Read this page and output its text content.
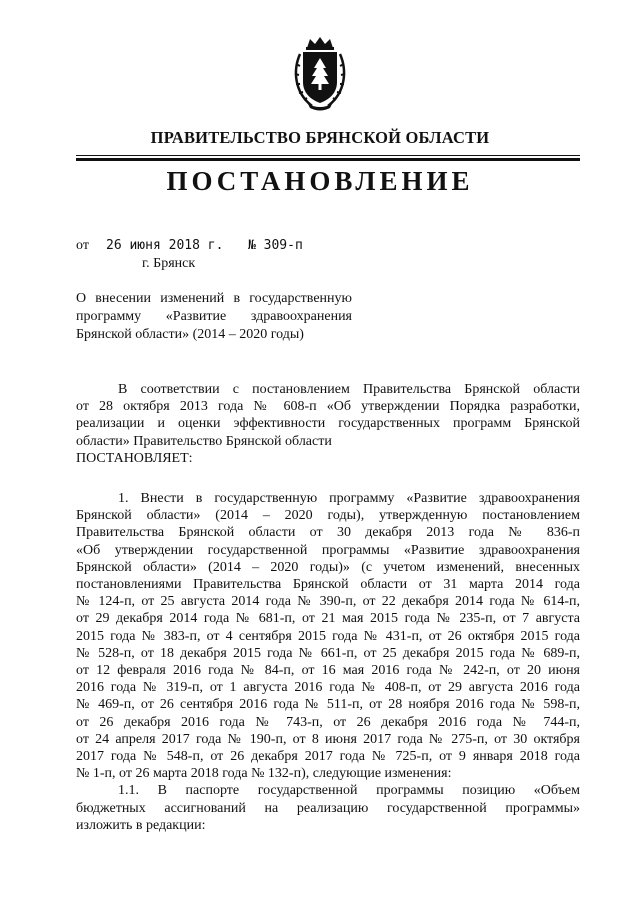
ПРАВИТЕЛЬСТВО БРЯНСКОЙ ОБЛАСТИ
ПОСТАНОВЛЕНИЕ
от 26 июня 2018 г. № 309-п
г. Брянск
О внесении изменений в государственную
программу «Развитие здравоохранения
Брянской области» (2014 – 2020 годы)
В соответствии с постановлением Правительства Брянской области
от 28 октября 2013 года № 608-п «Об утверждении Порядка разработки,
реализации и оценки эффективности государственных программ Брянской
области» Правительство Брянской области
ПОСТАНОВЛЯЕТ:
1. Внести в государственную программу «Развитие здравоохранения
Брянской области» (2014 – 2020 годы), утвержденную постановлением
Правительства Брянской области от 30 декабря 2013 года № 836-п
«Об утверждении государственной программы «Развитие здравоохранения
Брянской области» (2014 – 2020 годы)» (с учетом изменений, внесенных
постановлениями Правительства Брянской области от 31 марта 2014 года
№ 124-п, от 25 августа 2014 года № 390-п, от 22 декабря 2014 года № 614-п,
от 29 декабря 2014 года № 681-п, от 21 мая 2015 года № 235-п, от 7 августа
2015 года № 383-п, от 4 сентября 2015 года № 431-п, от 26 октября 2015 года
№ 528-п, от 18 декабря 2015 года № 661-п, от 25 декабря 2015 года № 689-п,
от 12 февраля 2016 года № 84-п, от 16 мая 2016 года № 242-п, от 20 июня
2016 года № 319-п, от 1 августа 2016 года № 408-п, от 29 августа 2016 года
№ 469-п, от 26 сентября 2016 года № 511-п, от 28 ноября 2016 года № 598-п,
от 26 декабря 2016 года № 743-п, от 26 декабря 2016 года № 744-п,
от 24 апреля 2017 года № 190-п, от 8 июня 2017 года № 275-п, от 30 октября
2017 года № 548-п, от 26 декабря 2017 года № 725-п, от 9 января 2018 года
№ 1-п, от 26 марта 2018 года № 132-п), следующие изменения:
1.1. В паспорте государственной программы позицию «Объем
бюджетных ассигнований на реализацию государственной программы»
изложить в редакции:
